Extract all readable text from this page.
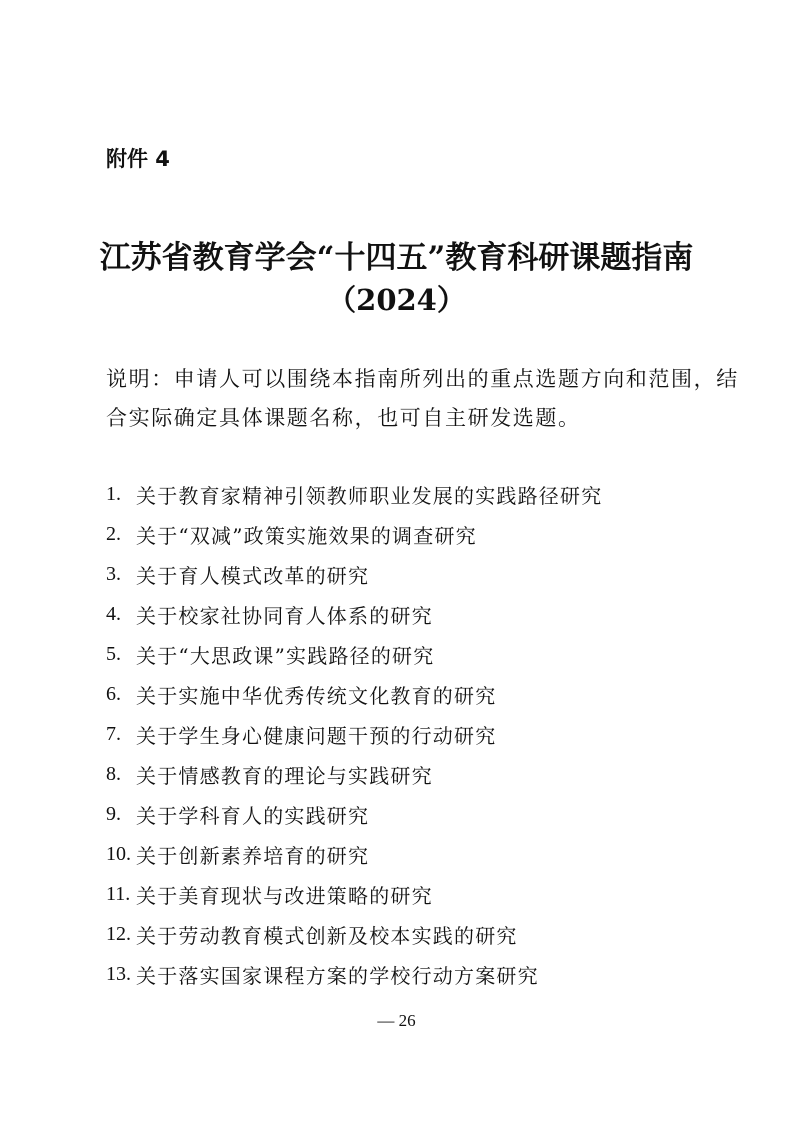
附件 4
江苏省教育学会“十四五”教育科研课题指南
（2024）
说明：申请人可以围绕本指南所列出的重点选题方向和范围，结
合实际确定具体课题名称，也可自主研发选题。
1. 关于教育家精神引领教师职业发展的实践路径研究
2. 关于“双减”政策实施效果的调查研究
3. 关于育人模式改革的研究
4. 关于校家社协同育人体系的研究
5. 关于“大思政课”实践路径的研究
6. 关于实施中华优秀传统文化教育的研究
7. 关于学生身心健康问题干预的行动研究
8. 关于情感教育的理论与实践研究
9. 关于学科育人的实践研究
10. 关于创新素养培育的研究
11. 关于美育现状与改进策略的研究
12. 关于劳动教育模式创新及校本实践的研究
13. 关于落实国家课程方案的学校行动方案研究
— 26
